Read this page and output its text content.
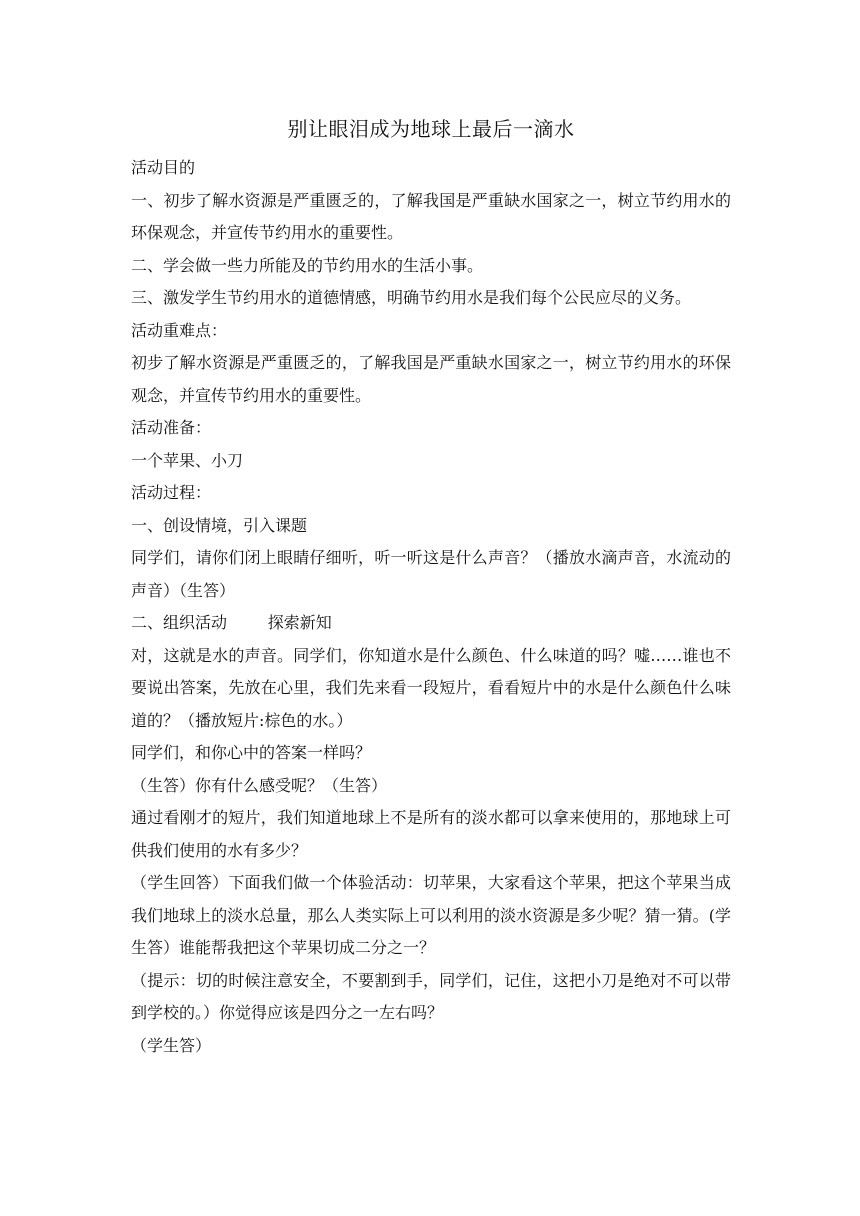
别让眼泪成为地球上最后一滴水

活动目的

一、初步了解水资源是严重匮乏的，了解我国是严重缺水国家之一，树立节约用水的环保观念，并宣传节约用水的重要性。

二、学会做一些力所能及的节约用水的生活小事。

三、激发学生节约用水的道德情感，明确节约用水是我们每个公民应尽的义务。

活动重难点：

初步了解水资源是严重匮乏的，了解我国是严重缺水国家之一，树立节约用水的环保观念，并宣传节约用水的重要性。

活动准备：

一个苹果、小刀

活动过程：

一、创设情境，引入课题

同学们，请你们闭上眼睛仔细听，听一听这是什么声音？（播放水滴声音，水流动的声音）（生答）

二、组织活动        探索新知

对，这就是水的声音。同学们，你知道水是什么颜色、什么味道的吗？嘘……谁也不要说出答案，先放在心里，我们先来看一段短片，看看短片中的水是什么颜色什么味道的？（播放短片:棕色的水。）

同学们，和你心中的答案一样吗？

（生答）你有什么感受呢？（生答）

通过看刚才的短片，我们知道地球上不是所有的淡水都可以拿来使用的，那地球上可供我们使用的水有多少？

（学生回答）下面我们做一个体验活动：切苹果，大家看这个苹果，把这个苹果当成我们地球上的淡水总量，那么人类实际上可以利用的淡水资源是多少呢？猜一猜。(学生答）谁能帮我把这个苹果切成二分之一？

（提示：切的时候注意安全，不要割到手，同学们，记住，这把小刀是绝对不可以带到学校的。）你觉得应该是四分之一左右吗？

（学生答）
